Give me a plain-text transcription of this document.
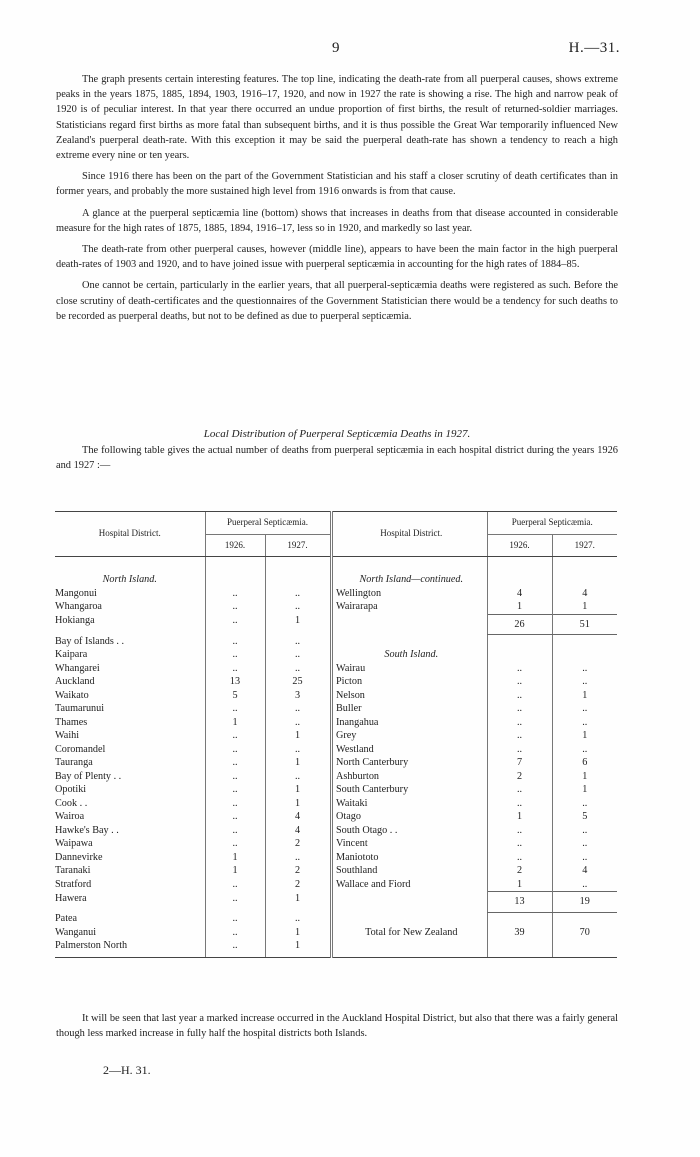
9	H.—31.

The graph presents certain interesting features. The top line, indicating the death-rate from all puerperal causes, shows extreme peaks in the years 1875, 1885, 1894, 1903, 1916–17, 1920, and now in 1927 the rate is showing a rise. The high and narrow peak of 1920 is of peculiar interest. In that year there occurred an undue proportion of first births, the result of returned-soldier marriages. Statisticians regard first births as more fatal than subsequent births, and it is thus possible the Great War temporarily influenced New Zealand's puerperal death-rate. With this exception it may be said the puerperal death-rate has shown a tendency to reach a high extreme every nine or ten years.

Since 1916 there has been on the part of the Government Statistician and his staff a closer scrutiny of death certificates than in former years, and probably the more sustained high level from 1916 onwards is from that cause.

A glance at the puerperal septicæmia line (bottom) shows that increases in deaths from that disease accounted in considerable measure for the high rates of 1875, 1885, 1894, 1916–17, less so in 1920, and markedly so last year.

The death-rate from other puerperal causes, however (middle line), appears to have been the main factor in the high puerperal death-rates of 1903 and 1920, and to have joined issue with puerperal septicæmia in accounting for the high rates of 1884–85.

One cannot be certain, particularly in the earlier years, that all puerperal-septicæmia deaths were registered as such. Before the close scrutiny of death-certificates and the questionnaires of the Government Statistician there would be a tendency for such deaths to be recorded as puerperal deaths, but not to be defined as due to puerperal septicæmia.

Local Distribution of Puerperal Septicæmia Deaths in 1927.

The following table gives the actual number of deaths from puerperal septicæmia in each hospital district during the years 1926 and 1927 :—

Hospital District.	Puerperal Septicæmia.			Hospital District.	Puerperal Septicæmia.	
	1926.	1927.			1926.	1927.

North Island.				North Island—continued.		
Mangonui	..	..		Wellington	4	4
Whangaroa	..	..		Wairarapa	1	1
Hokianga	..	1			26	51
Bay of Islands . .	..	..				
Kaipara	..	..		South Island.		
Whangarei	..	..		Wairau	..	..
Auckland	13	25		Picton	..	..
Waikato	5	3		Nelson	..	1
Taumarunui	..	..		Buller	..	..
Thames	1	..		Inangahua	..	..
Waihi	..	1		Grey	..	1
Coromandel	..	..		Westland	..	..
Tauranga	..	1		North Canterbury	7	6
Bay of Plenty . .	..	..		Ashburton	2	1
Opotiki	..	1		South Canterbury	..	1
Cook . .	..	1		Waitaki	..	..
Wairoa	..	4		Otago	1	5
Hawke's Bay . .	..	4		South Otago . .	..	..
Waipawa	..	2		Vincent	..	..
Dannevirke	1	..		Maniototo	..	..
Taranaki	1	2		Southland	2	4
Stratford	..	2		Wallace and Fiord	1	..
Hawera	..	1			13	19
Patea	..	..				
Wanganui	..	1		Total for New Zealand	39	70
Palmerston North	..	1				

It will be seen that last year a marked increase occurred in the Auckland Hospital District, but also that there was a fairly general though less marked increase in fully half the hospital districts both Islands.

2—H. 31.
